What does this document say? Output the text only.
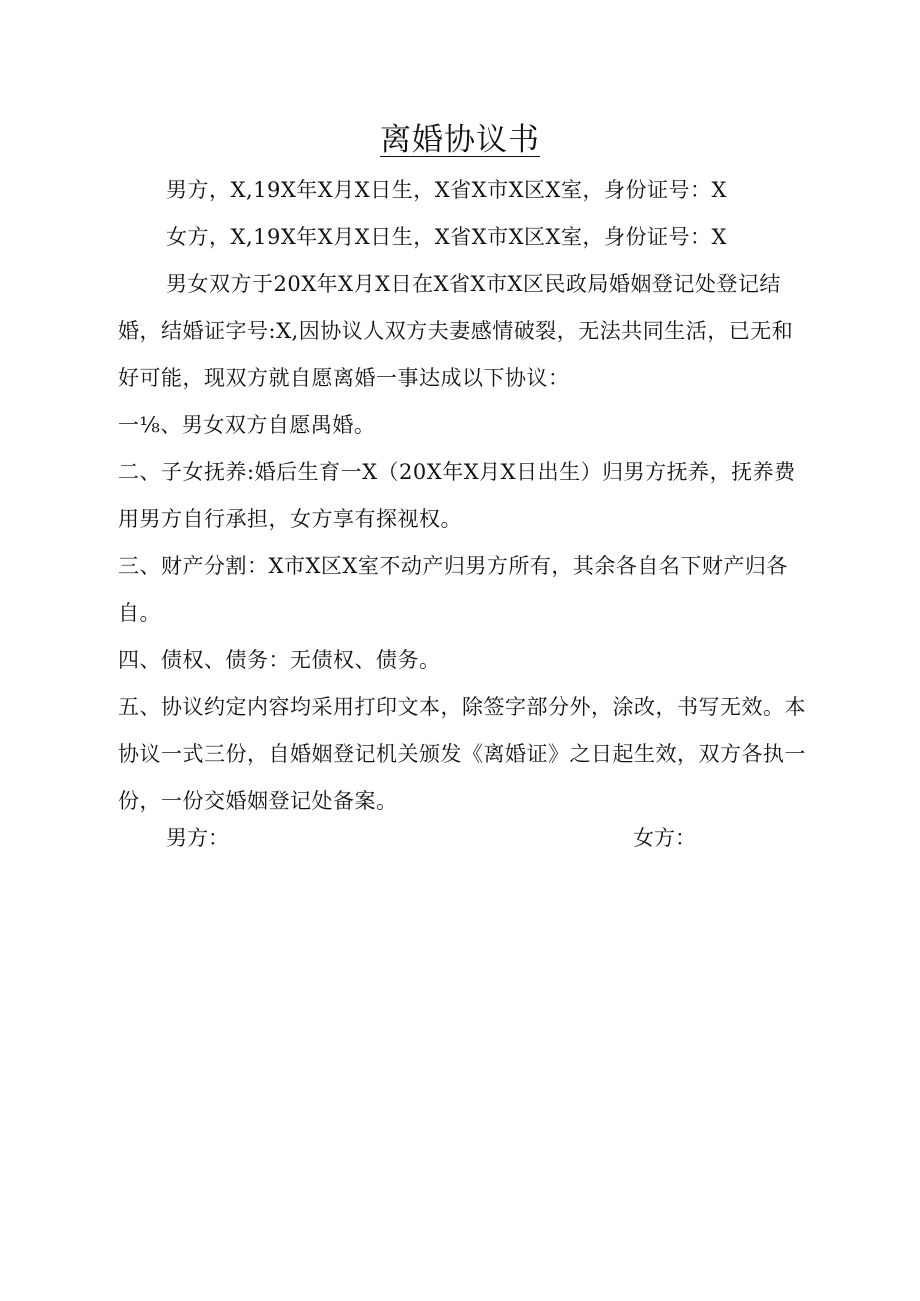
离婚协议书

男方，X,19X年X月X日生，X省X市X区X室，身份证号：X

女方，X,19X年X月X日生，X省X市X区X室，身份证号：X

男女双方于20X年X月X日在X省X市X区民政局婚姻登记处登记结婚，结婚证字号:X,因协议人双方夫妻感情破裂，无法共同生活，已无和好可能，现双方就自愿离婚一事达成以下协议：

一⅛、男女双方自愿禺婚。

二、子女抚养:婚后生育一X（20X年X月X日出生）归男方抚养，抚养费用男方自行承担，女方享有探视权。

三、财产分割：X市X区X室不动产归男方所有，其余各自名下财产归各自。

四、债权、债务：无债权、债务。

五、协议约定内容均采用打印文本，除签字部分外，涂改，书写无效。本协议一式三份，自婚姻登记机关颁发《离婚证》之日起生效，双方各执一份，一份交婚姻登记处备案。

男方：	女方：
